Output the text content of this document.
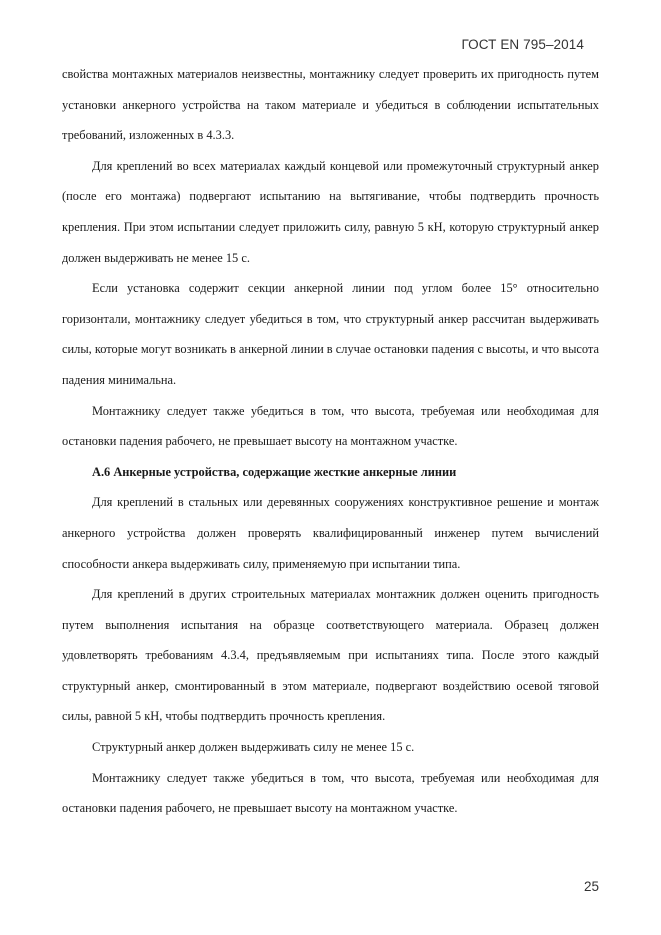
ГОСТ EN 795–2014

свойства монтажных материалов неизвестны, монтажнику следует проверить их пригодность путем установки анкерного устройства на таком материале и убедиться в соблюдении испытательных требований, изложенных в 4.3.3.

Для креплений во всех материалах каждый концевой или промежуточный структурный анкер (после его монтажа) подвергают испытанию на вытягивание, чтобы подтвердить прочность крепления. При этом испытании следует приложить силу, равную 5 кН, которую структурный анкер должен выдерживать не менее 15 с.

Если установка содержит секции анкерной линии под углом более 15° относительно горизонтали, монтажнику следует убедиться в том, что структурный анкер рассчитан выдерживать силы, которые могут возникать в анкерной линии в случае остановки падения с высоты, и что высота падения минимальна.

Монтажнику следует также убедиться в том, что высота, требуемая или необходимая для остановки падения рабочего, не превышает высоту на монтажном участке.

А.6 Анкерные устройства, содержащие жесткие анкерные линии

Для креплений в стальных или деревянных сооружениях конструктивное решение и монтаж анкерного устройства должен проверять квалифицированный инженер путем вычислений способности анкера выдерживать силу, применяемую при испытании типа.

Для креплений в других строительных материалах монтажник должен оценить пригодность путем выполнения испытания на образце соответствующего материала. Образец должен удовлетворять требованиям 4.3.4, предъявляемым при испытаниях типа. После этого каждый структурный анкер, смонтированный в этом материале, подвергают воздействию осевой тяговой силы, равной 5 кН, чтобы подтвердить прочность крепления.

Структурный анкер должен выдерживать силу не менее 15 с.

Монтажнику следует также убедиться в том, что высота, требуемая или необходимая для остановки падения рабочего, не превышает высоту на монтажном участке.

25
